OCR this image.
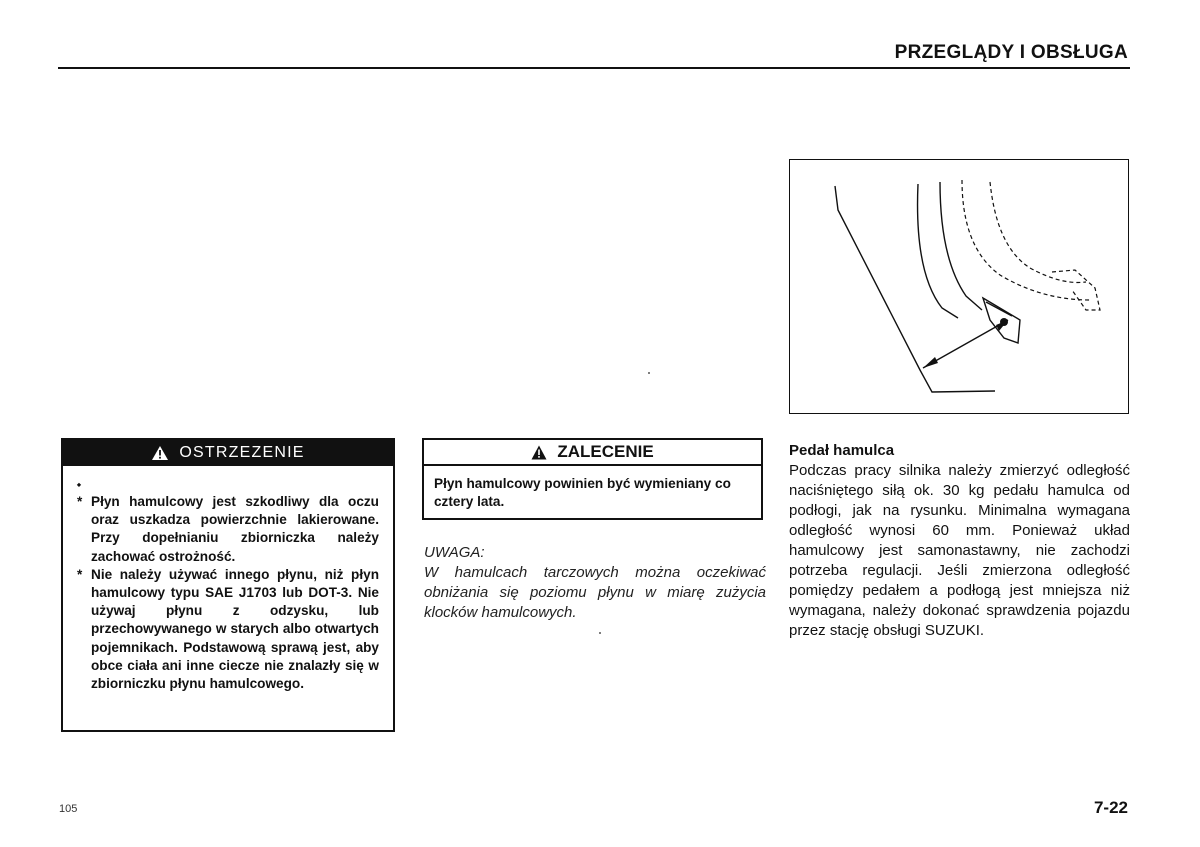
PRZEGLĄDY I OBSŁUGA
OSTRZEZENIE
⬩
* Płyn hamulcowy jest szkodliwy dla oczu oraz uszkadza powierzchnie lakierowane. Przy dopełnianiu zbiorniczka należy zachować ostrożność.
* Nie należy używać innego płynu, niż płyn hamulcowy typu SAE J1703 lub DOT-3. Nie używaj płynu z odzysku, lub przechowywanego w starych albo otwartych pojemnikach. Podstawową sprawą jest, aby obce ciała ani inne ciecze nie znalazły się w zbiorniczku płynu hamulcowego.
ZALECENIE
Płyn hamulcowy powinien być wymieniany co cztery lata.
UWAGA:
W hamulcach tarczowych można oczekiwać obniżania się poziomu płynu w miarę zużycia klocków hamulcowych.
Pedał hamulca
Podczas pracy silnika należy zmierzyć odległość naciśniętego siłą ok. 30 kg pedału hamulca od podłogi, jak na rysunku. Minimalna wymagana odległość wynosi 60 mm. Ponieważ układ hamulcowy jest samonastawny, nie zachodzi potrzeba regulacji. Jeśli zmierzona odległość pomiędzy pedałem a podłogą jest mniejsza niż wymagana, należy dokonać sprawdzenia pojazdu przez stację obsługi SUZUKI.
105	7-22
